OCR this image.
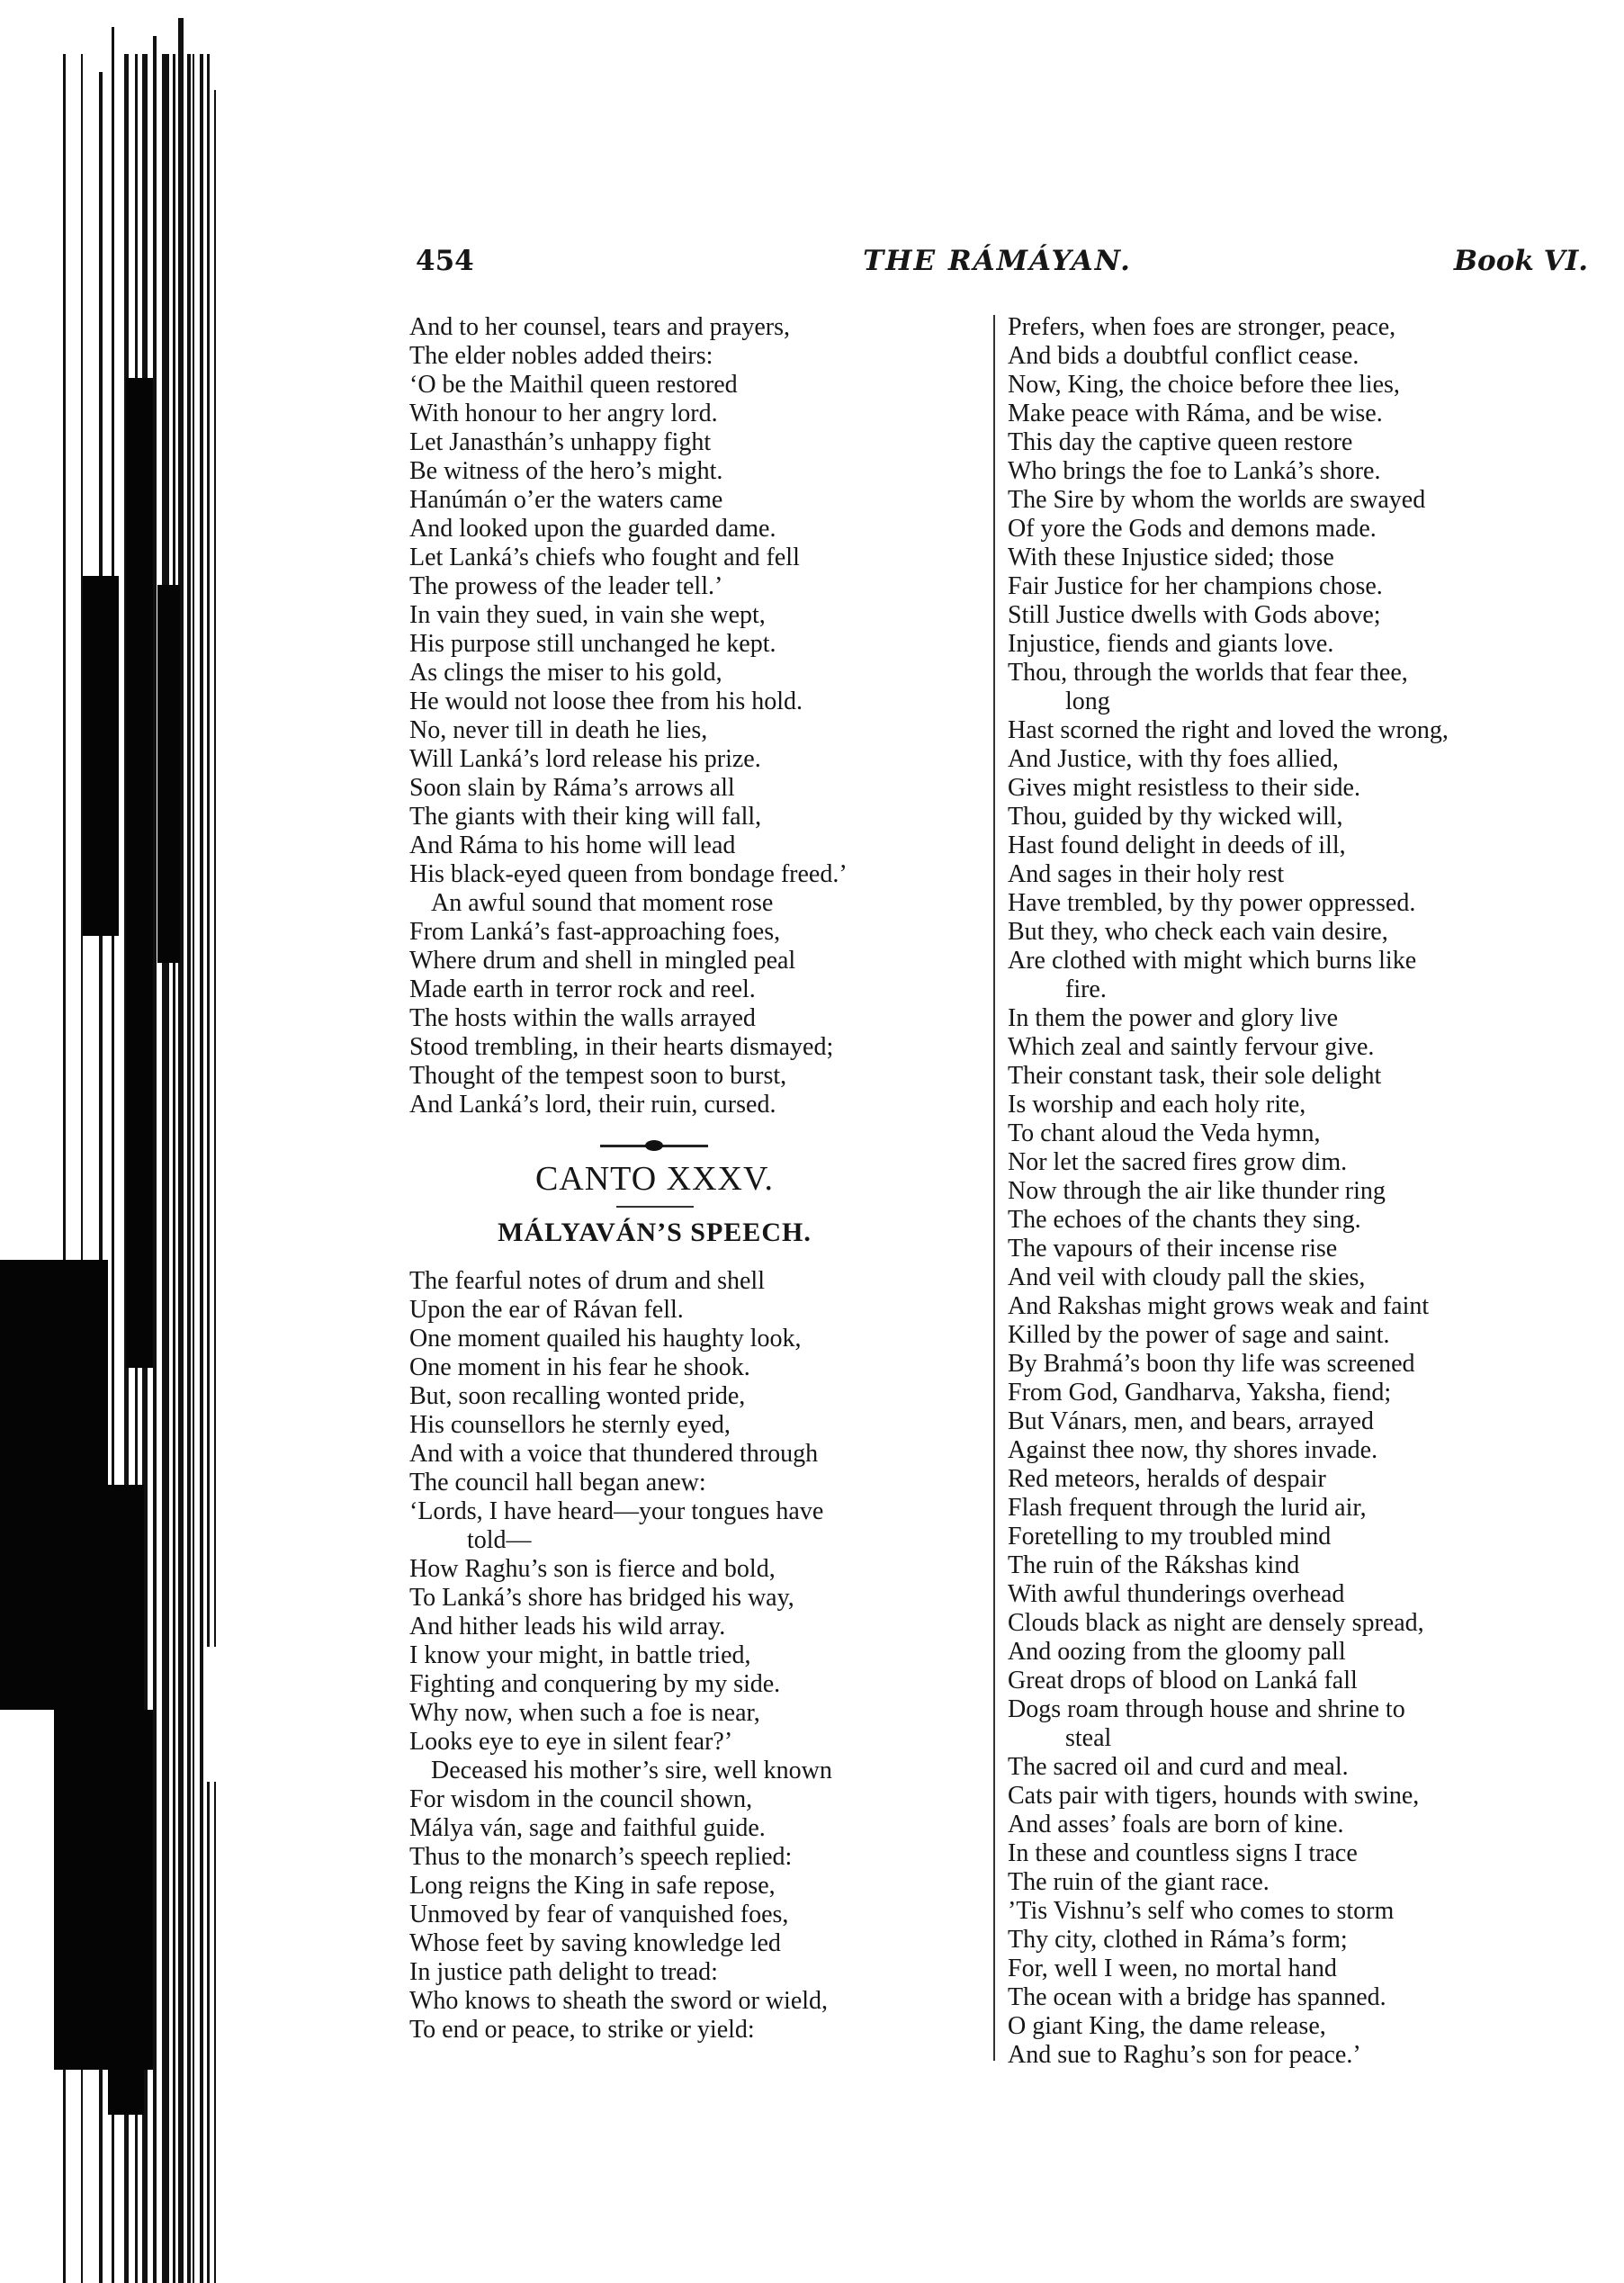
454	THE RÁMÁYAN.	Book VI.
And to her counsel, tears and prayers,
The elder nobles added theirs:
‘O be the Maithil queen restored
With honour to her angry lord.
Let Janasthán’s unhappy fight
Be witness of the hero’s might.
Hanúmán o’er the waters came
And looked upon the guarded dame.
Let Lanká’s chiefs who fought and fell
The prowess of the leader tell.’
In vain they sued, in vain she wept,
His purpose still unchanged he kept.
As clings the miser to his gold,
He would not loose thee from his hold.
No, never till in death he lies,
Will Lanká’s lord release his prize.
Soon slain by Ráma’s arrows all
The giants with their king will fall,
And Ráma to his home will lead
His black-eyed queen from bondage freed.’
An awful sound that moment rose
From Lanká’s fast-approaching foes,
Where drum and shell in mingled peal
Made earth in terror rock and reel.
The hosts within the walls arrayed
Stood trembling, in their hearts dismayed;
Thought of the tempest soon to burst,
And Lanká’s lord, their ruin, cursed.
CANTO XXXV.
MÁLYAVÁN’S SPEECH.
The fearful notes of drum and shell
Upon the ear of Rávan fell.
One moment quailed his haughty look,
One moment in his fear he shook.
But, soon recalling wonted pride,
His counsellors he sternly eyed,
And with a voice that thundered through
The council hall began anew:
‘Lords, I have heard—your tongues have
told—
How Raghu’s son is fierce and bold,
To Lanká’s shore has bridged his way,
And hither leads his wild array.
I know your might, in battle tried,
Fighting and conquering by my side.
Why now, when such a foe is near,
Looks eye to eye in silent fear?’
Deceased his mother’s sire, well known
For wisdom in the council shown,
Málya ván, sage and faithful guide.
Thus to the monarch’s speech replied:
Long reigns the King in safe repose,
Unmoved by fear of vanquished foes,
Whose feet by saving knowledge led
In justice path delight to tread:
Who knows to sheath the sword or wield,
To end or peace, to strike or yield:
Prefers, when foes are stronger, peace,
And bids a doubtful conflict cease.
Now, King, the choice before thee lies,
Make peace with Ráma, and be wise.
This day the captive queen restore
Who brings the foe to Lanká’s shore.
The Sire by whom the worlds are swayed
Of yore the Gods and demons made.
With these Injustice sided; those
Fair Justice for her champions chose.
Still Justice dwells with Gods above;
Injustice, fiends and giants love.
Thou, through the worlds that fear thee,
long
Hast scorned the right and loved the wrong,
And Justice, with thy foes allied,
Gives might resistless to their side.
Thou, guided by thy wicked will,
Hast found delight in deeds of ill,
And sages in their holy rest
Have trembled, by thy power oppressed.
But they, who check each vain desire,
Are clothed with might which burns like
fire.
In them the power and glory live
Which zeal and saintly fervour give.
Their constant task, their sole delight
Is worship and each holy rite,
To chant aloud the Veda hymn,
Nor let the sacred fires grow dim.
Now through the air like thunder ring
The echoes of the chants they sing.
The vapours of their incense rise
And veil with cloudy pall the skies,
And Rakshas might grows weak and faint
Killed by the power of sage and saint.
By Brahmá’s boon thy life was screened
From God, Gandharva, Yaksha, fiend;
But Vánars, men, and bears, arrayed
Against thee now, thy shores invade.
Red meteors, heralds of despair
Flash frequent through the lurid air,
Foretelling to my troubled mind
The ruin of the Rákshas kind
With awful thunderings overhead
Clouds black as night are densely spread,
And oozing from the gloomy pall
Great drops of blood on Lanká fall
Dogs roam through house and shrine to
steal
The sacred oil and curd and meal.
Cats pair with tigers, hounds with swine,
And asses’ foals are born of kine.
In these and countless signs I trace
The ruin of the giant race.
’Tis Vishnu’s self who comes to storm
Thy city, clothed in Ráma’s form;
For, well I ween, no mortal hand
The ocean with a bridge has spanned.
O giant King, the dame release,
And sue to Raghu’s son for peace.’
